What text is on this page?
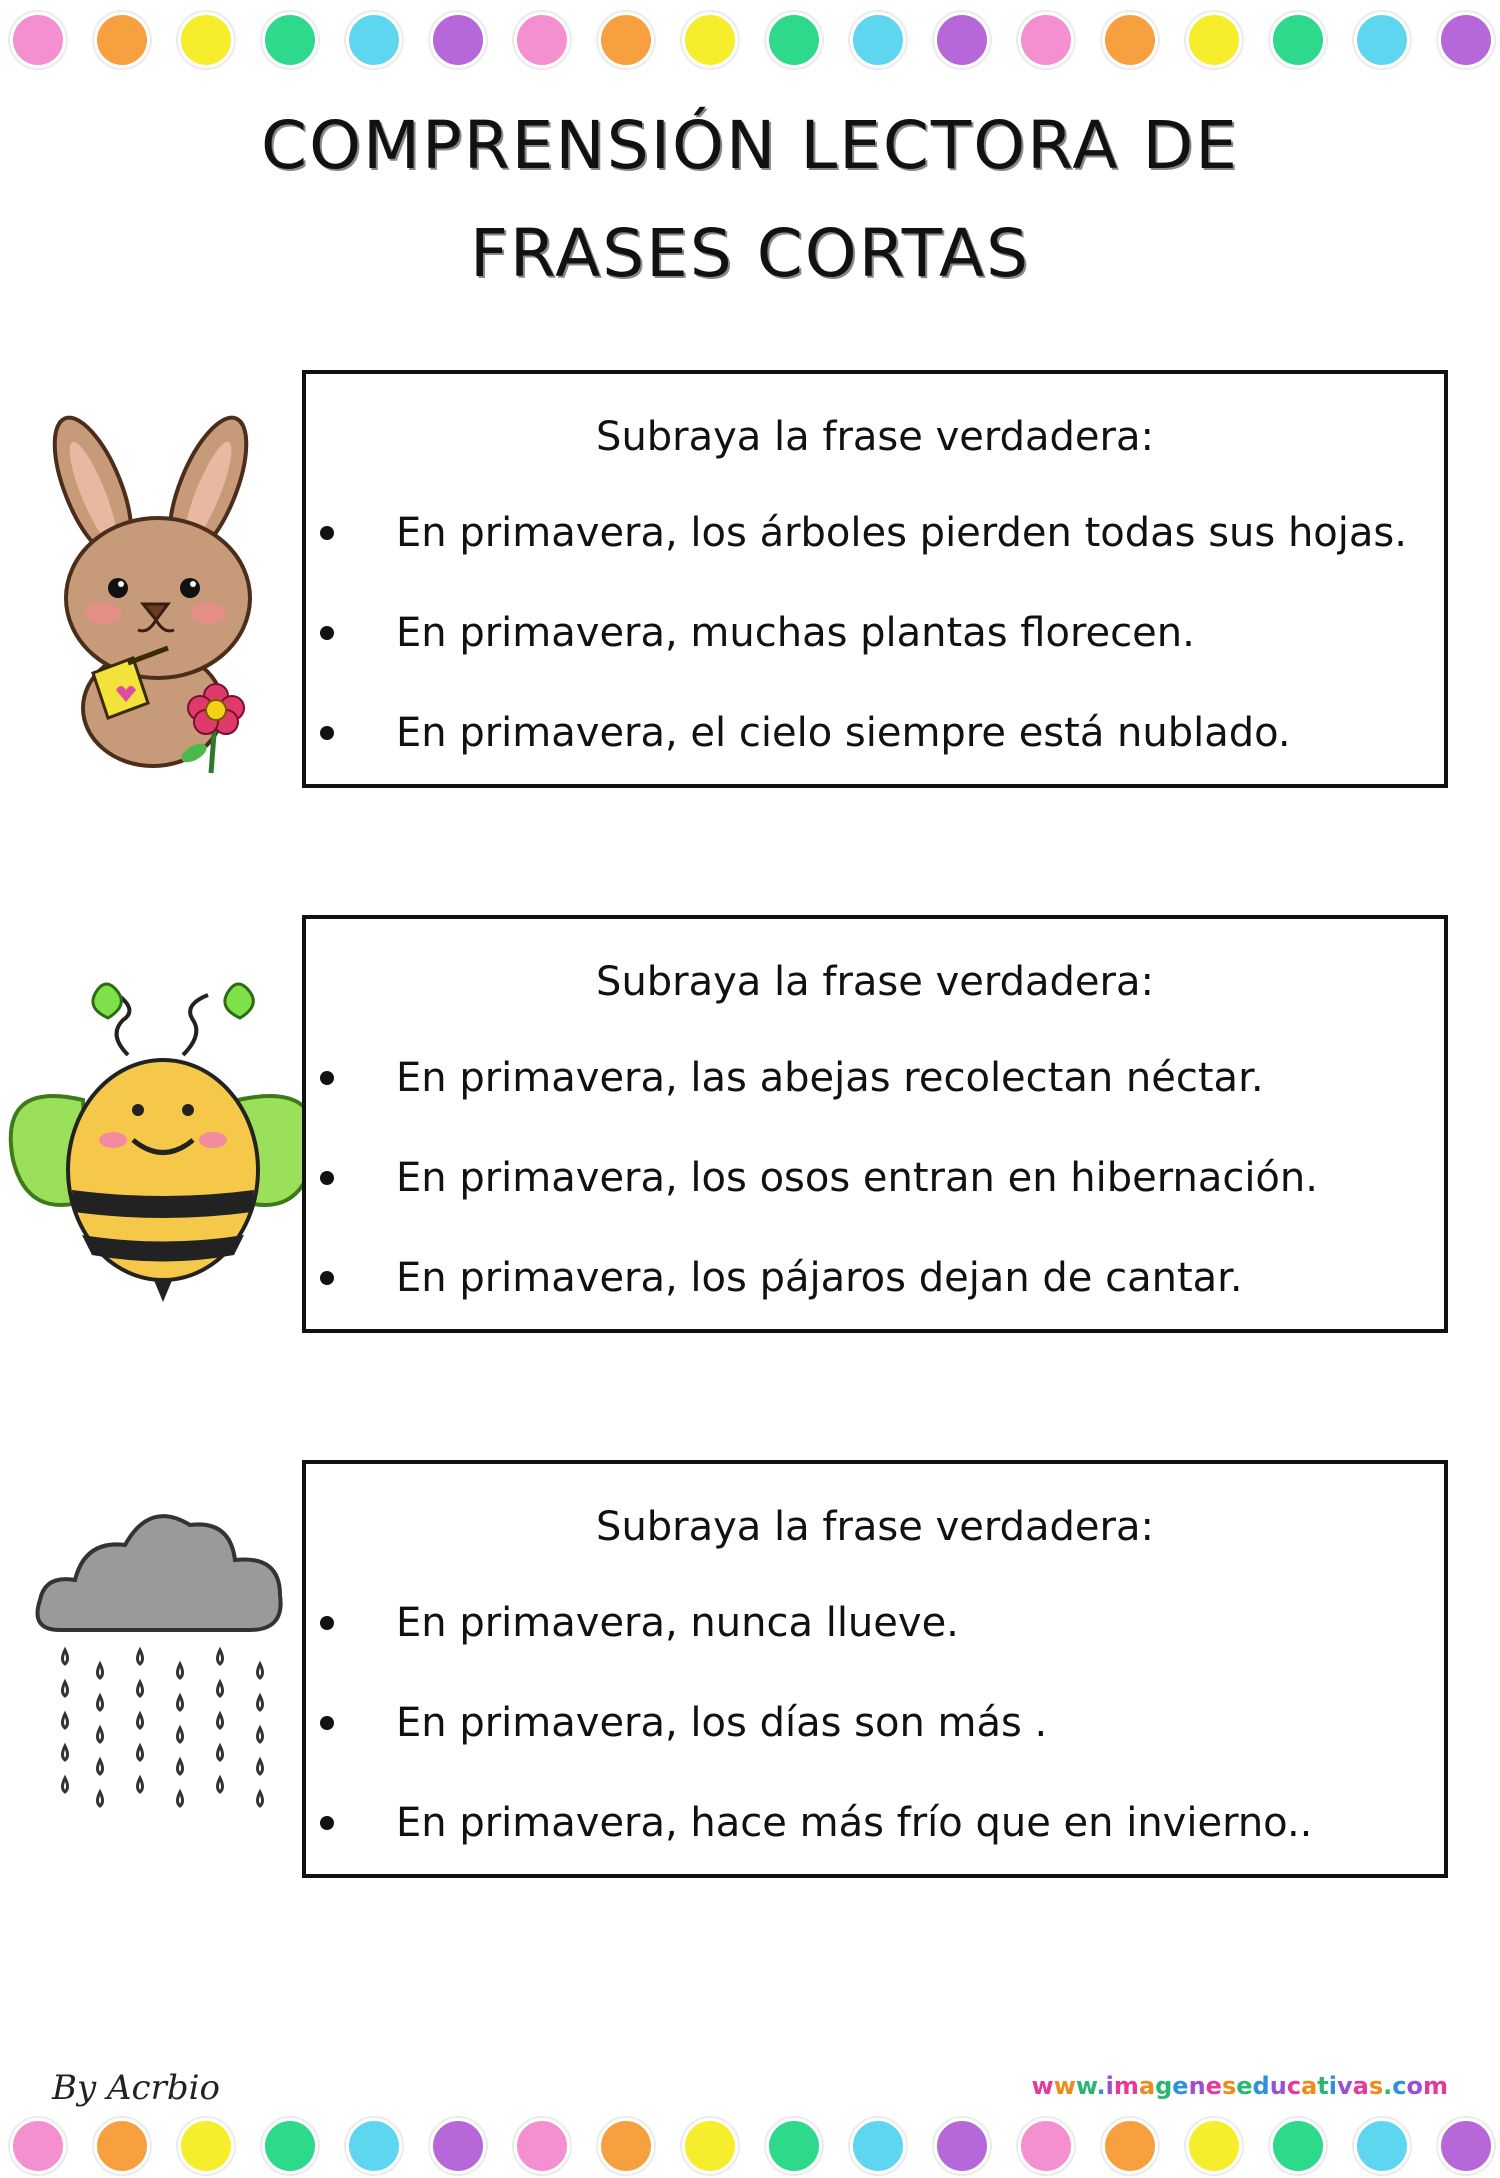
COMPRENSIÓN LECTORA DE FRASES CORTAS
Subraya la frase verdadera:
En primavera, los árboles pierden todas sus hojas.
En primavera, muchas plantas florecen.
En primavera, el cielo siempre está nublado.
Subraya la frase verdadera:
En primavera, las abejas recolectan néctar.
En primavera, los osos entran en hibernación.
En primavera, los pájaros dejan de cantar.
Subraya la frase verdadera:
En primavera, nunca llueve.
En primavera, los días son más .
En primavera, hace más frío que en invierno..
By Acrbio	www.imageneseducativas.com
